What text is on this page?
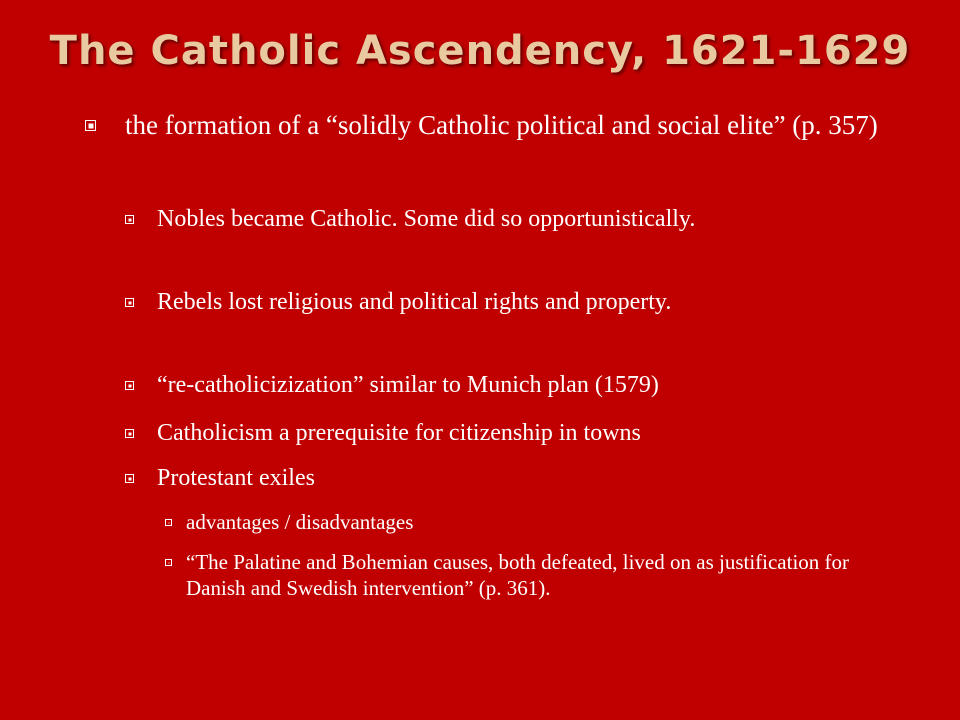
The Catholic Ascendency, 1621-1629
the formation of a “solidly Catholic political and social elite” (p. 357)
Nobles became Catholic. Some did so opportunistically.
Rebels lost religious and political rights and property.
“re-catholicizization” similar to Munich plan (1579)
Catholicism a prerequisite for citizenship in towns
Protestant exiles
advantages / disadvantages
“The Palatine and Bohemian causes, both defeated, lived on as justification for Danish and Swedish intervention” (p. 361).
